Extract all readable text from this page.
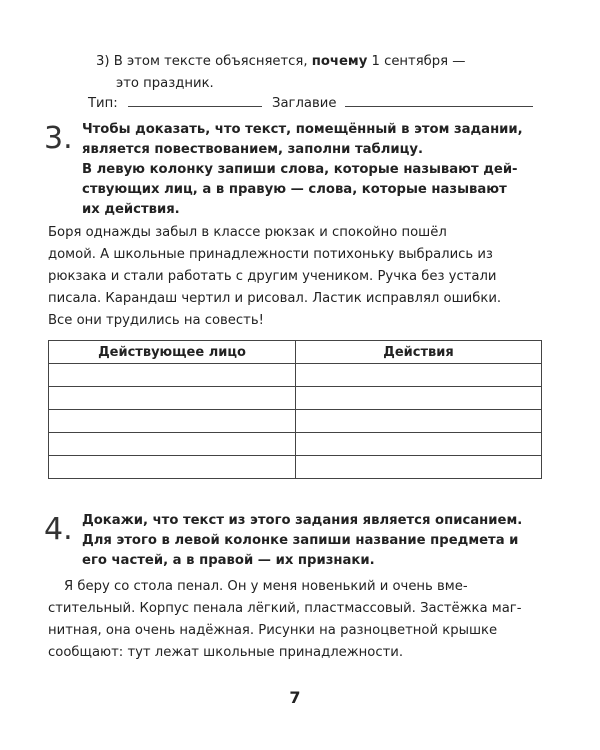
3) В этом тексте объясняется, почему 1 сентября —
это праздник.
Тип:	Заглавие
3. Чтобы доказать, что текст, помещённый в этом задании,
является повествованием, заполни таблицу.
В левую колонку запиши слова, которые называют дей-
ствующих лиц, а в правую — слова, которые называют
их действия.
Боря однажды забыл в классе рюкзак и спокойно пошёл
домой. А школьные принадлежности потихоньку выбрались из
рюкзака и стали работать с другим учеником. Ручка без устали
писала. Карандаш чертил и рисовал. Ластик исправлял ошибки.
Все они трудились на совесть!
Действующее лицо	Действия

4. Докажи, что текст из этого задания является описанием.
Для этого в левой колонке запиши название предмета и
его частей, а в правой — их признаки.
Я беру со стола пенал. Он у меня новенький и очень вме-
стительный. Корпус пенала лёгкий, пластмассовый. Застёжка маг-
нитная, она очень надёжная. Рисунки на разноцветной крышке
сообщают: тут лежат школьные принадлежности.
7
